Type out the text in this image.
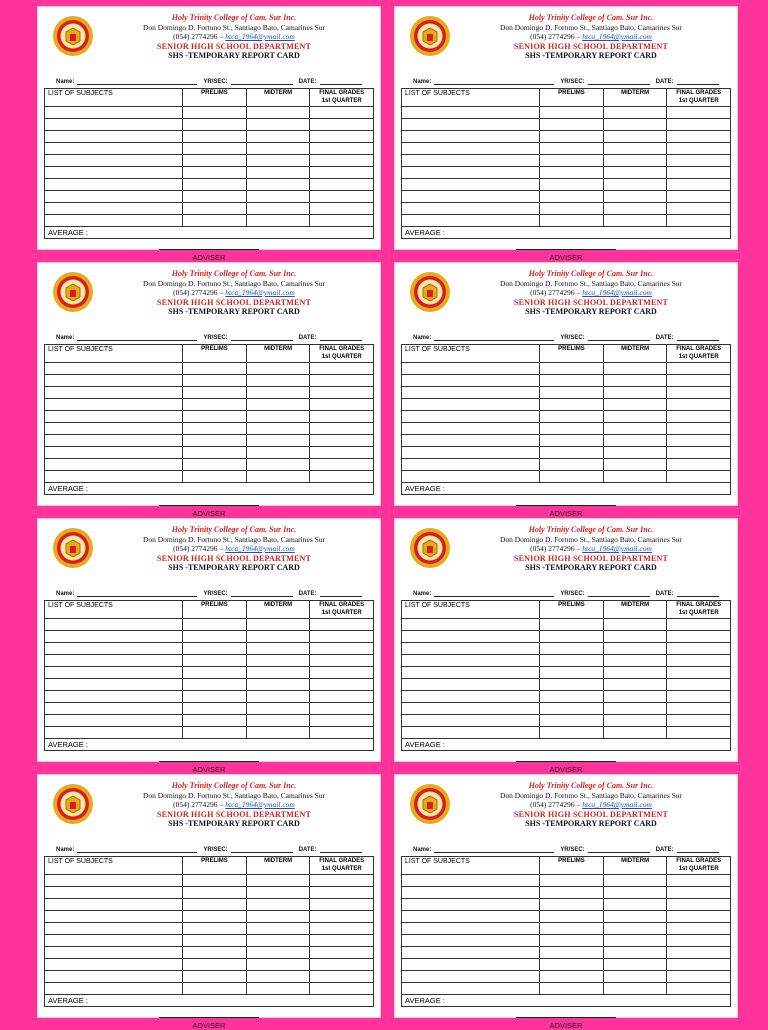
Holy Trinity College of Cam. Sur Inc.
Don Domingo D. Fortuno St., Santiago Bato, Camarines Sur
(054) 2774296 – htca_1964@ymail.com
SENIOR HIGH SCHOOL DEPARTMENT
SHS -TEMPORARY REPORT CARD
Name:	YR/SEC:	DATE:
LIST OF SUBJECTS	PRELIMS	MIDTERM	FINAL GRADES
1st QUARTER

AVERAGE :			
ADVISER
Holy Trinity College of Cam. Sur Inc.
Don Domingo D. Fortuno St., Santiago Bato, Camarines Sur
(054) 2774296 – htca_1964@ymail.com
SENIOR HIGH SCHOOL DEPARTMENT
SHS -TEMPORARY REPORT CARD
Name:	YR/SEC:	DATE:
LIST OF SUBJECTS	PRELIMS	MIDTERM	FINAL GRADES
1st QUARTER

AVERAGE :			
ADVISER
Holy Trinity College of Cam. Sur Inc.
Don Domingo D. Fortuno St., Santiago Bato, Camarines Sur
(054) 2774296 – htca_1964@ymail.com
SENIOR HIGH SCHOOL DEPARTMENT
SHS -TEMPORARY REPORT CARD
Name:	YR/SEC:	DATE:
LIST OF SUBJECTS	PRELIMS	MIDTERM	FINAL GRADES
1st QUARTER

AVERAGE :			
ADVISER
Holy Trinity College of Cam. Sur Inc.
Don Domingo D. Fortuno St., Santiago Bato, Camarines Sur
(054) 2774296 – htca_1964@ymail.com
SENIOR HIGH SCHOOL DEPARTMENT
SHS -TEMPORARY REPORT CARD
Name:	YR/SEC:	DATE:
LIST OF SUBJECTS	PRELIMS	MIDTERM	FINAL GRADES
1st QUARTER

AVERAGE :			
ADVISER
Holy Trinity College of Cam. Sur Inc.
Don Domingo D. Fortuno St., Santiago Bato, Camarines Sur
(054) 2774296 – htca_1964@ymail.com
SENIOR HIGH SCHOOL DEPARTMENT
SHS -TEMPORARY REPORT CARD
Name:	YR/SEC:	DATE:
LIST OF SUBJECTS	PRELIMS	MIDTERM	FINAL GRADES
1st QUARTER

AVERAGE :			
ADVISER
Holy Trinity College of Cam. Sur Inc.
Don Domingo D. Fortuno St., Santiago Bato, Camarines Sur
(054) 2774296 – htca_1964@ymail.com
SENIOR HIGH SCHOOL DEPARTMENT
SHS -TEMPORARY REPORT CARD
Name:	YR/SEC:	DATE:
LIST OF SUBJECTS	PRELIMS	MIDTERM	FINAL GRADES
1st QUARTER

AVERAGE :			
ADVISER
Holy Trinity College of Cam. Sur Inc.
Don Domingo D. Fortuno St., Santiago Bato, Camarines Sur
(054) 2774296 – htca_1964@ymail.com
SENIOR HIGH SCHOOL DEPARTMENT
SHS -TEMPORARY REPORT CARD
Name:	YR/SEC:	DATE:
LIST OF SUBJECTS	PRELIMS	MIDTERM	FINAL GRADES
1st QUARTER

AVERAGE :			
ADVISER
Holy Trinity College of Cam. Sur Inc.
Don Domingo D. Fortuno St., Santiago Bato, Camarines Sur
(054) 2774296 – htca_1964@ymail.com
SENIOR HIGH SCHOOL DEPARTMENT
SHS -TEMPORARY REPORT CARD
Name:	YR/SEC:	DATE:
LIST OF SUBJECTS	PRELIMS	MIDTERM	FINAL GRADES
1st QUARTER

AVERAGE :			
ADVISER
